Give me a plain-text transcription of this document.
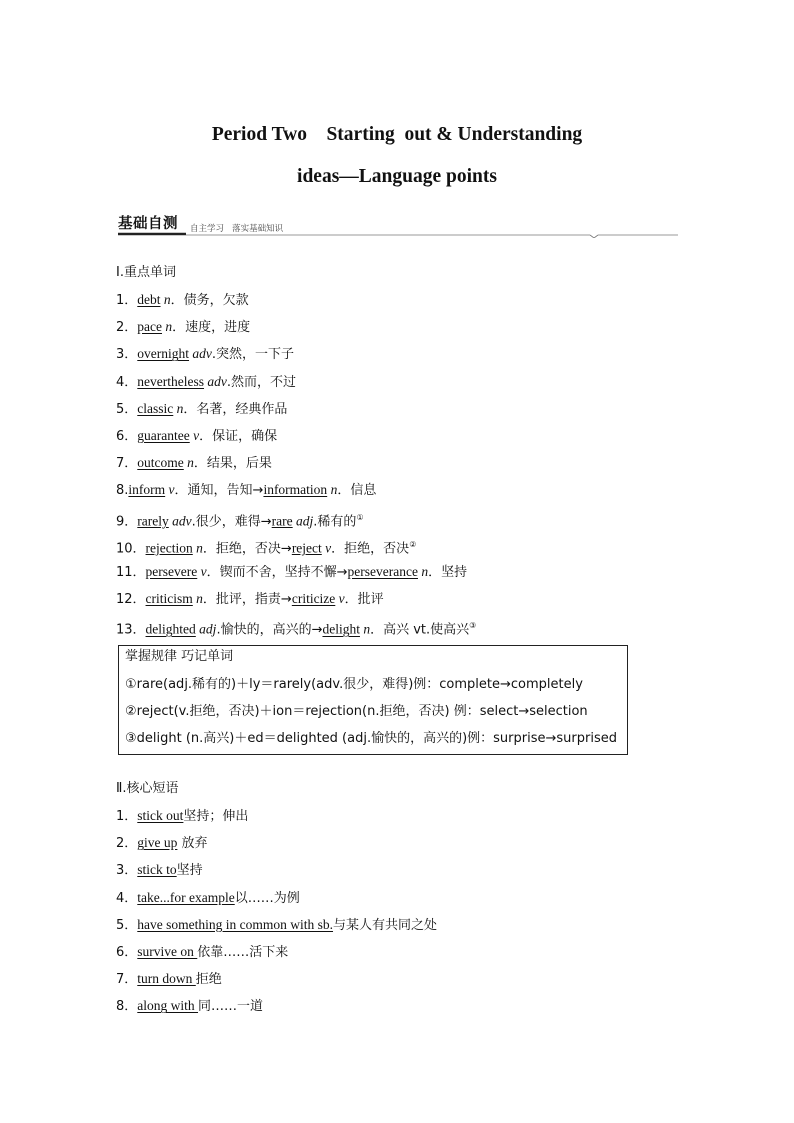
Period Two    Starting  out & Understanding
ideas—Language points
基础自测 自主学习   落实基础知识
Ⅰ.重点单词
1．debt n．债务，欠款
2．pace n．速度，进度
3．overnight adv.突然，一下子
4．nevertheless adv.然而，不过
5．classic n．名著，经典作品
6．guarantee v．保证，确保
7．outcome n．结果，后果
8.inform v．通知，告知→information n．信息
9．rarely adv.很少，难得→rare adj.稀有的①
10．rejection n．拒绝，否决→reject v．拒绝，否决②
11．persevere v．锲而不舍，坚持不懈→perseverance n．坚持
12．criticism n．批评，指责→criticize v．批评
13．delighted adj.愉快的，高兴的→delight n．高兴 vt.使高兴③
掌握规律 巧记单词
①rare(adj.稀有的)＋ly＝rarely(adv.很少，难得)例：complete→completely
②reject(v.拒绝，否决)＋ion＝rejection(n.拒绝，否决) 例：select→selection
③delight (n.高兴)＋ed＝delighted (adj.愉快的，高兴的)例：surprise→surprised
Ⅱ.核心短语
1．stick out坚持；伸出
2．give up 放弃
3．stick to坚持
4．take...for example以……为例
5．have something in common with sb.与某人有共同之处
6．survive on 依靠……活下来
7．turn down 拒绝
8．along with 同……一道
